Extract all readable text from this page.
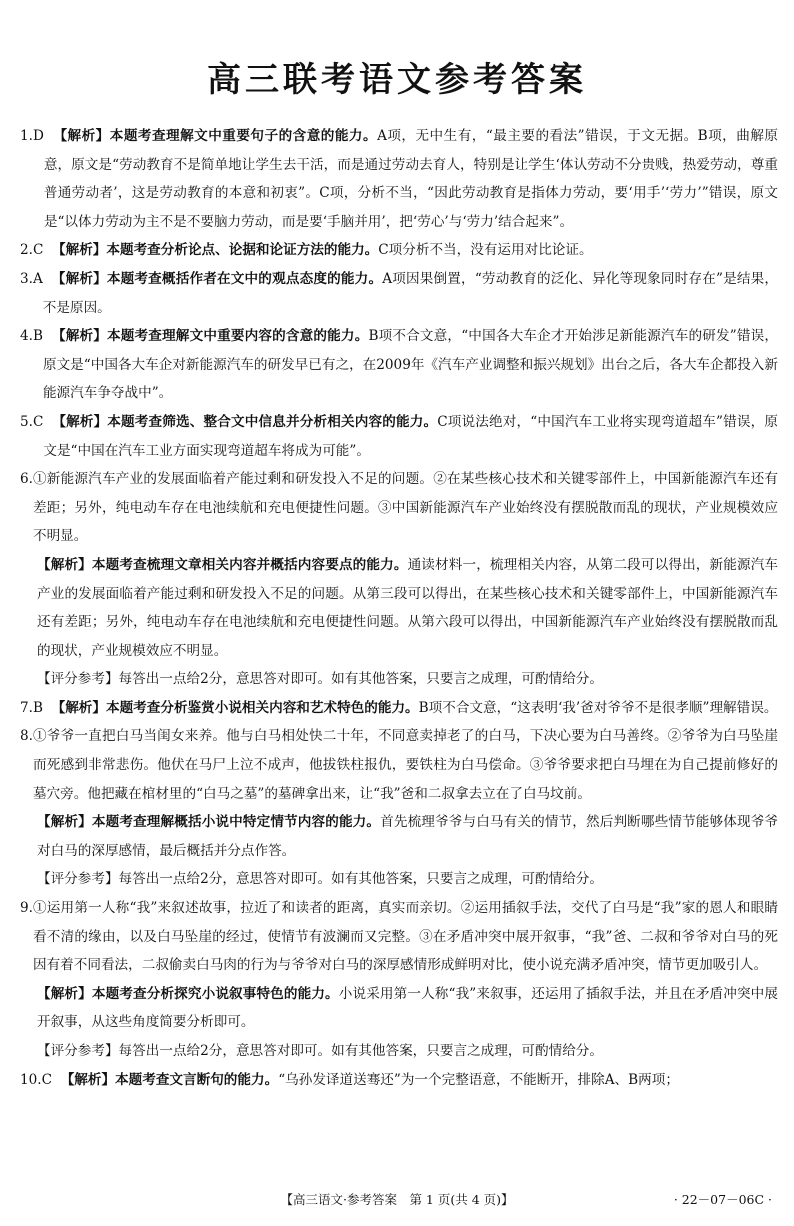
高三联考语文参考答案
1.D 【解析】本题考查理解文中重要句子的含意的能力。A项，无中生有，“最主要的看法”错误，于文无据。B项，曲解原意，原文是“劳动教育不是简单地让学生去干活，而是通过劳动去育人，特别是让学生‘体认劳动不分贵贱，热爱劳动，尊重普通劳动者’，这是劳动教育的本意和初衷”。C项，分析不当，“因此劳动教育是指体力劳动，要‘用手’‘劳力’”错误，原文是“以体力劳动为主不是不要脑力劳动，而是要‘手脑并用’，把‘劳心’与‘劳力’结合起来”。
2.C 【解析】本题考查分析论点、论据和论证方法的能力。C项分析不当，没有运用对比论证。
3.A 【解析】本题考查概括作者在文中的观点态度的能力。A项因果倒置，“劳动教育的泛化、异化等现象同时存在”是结果，不是原因。
4.B 【解析】本题考查理解文中重要内容的含意的能力。B项不合文意，“中国各大车企才开始涉足新能源汽车的研发”错误，原文是“中国各大车企对新能源汽车的研发早已有之，在2009年《汽车产业调整和振兴规划》出台之后，各大车企都投入新能源汽车争夺战中”。
5.C 【解析】本题考查筛选、整合文中信息并分析相关内容的能力。C项说法绝对，“中国汽车工业将实现弯道超车”错误，原文是“中国在汽车工业方面实现弯道超车将成为可能”。
6. ①新能源汽车产业的发展面临着产能过剩和研发投入不足的问题。②在某些核心技术和关键零部件上，中国新能源汽车还有差距；另外，纯电动车存在电池续航和充电便捷性问题。③中国新能源汽车产业始终没有摆脱散而乱的现状，产业规模效应不明显。
【解析】本题考查梳理文章相关内容并概括内容要点的能力。通读材料一，梳理相关内容，从第二段可以得出，新能源汽车产业的发展面临着产能过剩和研发投入不足的问题。从第三段可以得出，在某些核心技术和关键零部件上，中国新能源汽车还有差距；另外，纯电动车存在电池续航和充电便捷性问题。从第六段可以得出，中国新能源汽车产业始终没有摆脱散而乱的现状，产业规模效应不明显。
【评分参考】每答出一点给2分，意思答对即可。如有其他答案，只要言之成理，可酌情给分。
7.B 【解析】本题考查分析鉴赏小说相关内容和艺术特色的能力。B项不合文意，“这表明‘我’爸对爷爷不是很孝顺”理解错误。
8. ①爷爷一直把白马当闺女来养。他与白马相处快二十年，不同意卖掉老了的白马，下决心要为白马善终。②爷爷为白马坠崖而死感到非常悲伤。他伏在马尸上泣不成声，他拔铁柱报仇，要铁柱为白马偿命。③爷爷要求把白马埋在为自己提前修好的墓穴旁。他把藏在棺材里的“白马之墓”的墓碑拿出来，让“我”爸和二叔拿去立在了白马坟前。
【解析】本题考查理解概括小说中特定情节内容的能力。首先梳理爷爷与白马有关的情节，然后判断哪些情节能够体现爷爷对白马的深厚感情，最后概括并分点作答。
【评分参考】每答出一点给2分，意思答对即可。如有其他答案，只要言之成理，可酌情给分。
9. ①运用第一人称“我”来叙述故事，拉近了和读者的距离，真实而亲切。②运用插叙手法，交代了白马是“我”家的恩人和眼睛看不清的缘由，以及白马坠崖的经过，使情节有波澜而又完整。③在矛盾冲突中展开叙事，“我”爸、二叔和爷爷对白马的死因有着不同看法，二叔偷卖白马肉的行为与爷爷对白马的深厚感情形成鲜明对比，使小说充满矛盾冲突，情节更加吸引人。
【解析】本题考查分析探究小说叙事特色的能力。小说采用第一人称“我”来叙事，还运用了插叙手法，并且在矛盾冲突中展开叙事，从这些角度简要分析即可。
【评分参考】每答出一点给2分，意思答对即可。如有其他答案，只要言之成理，可酌情给分。
10.C 【解析】本题考查文言断句的能力。“乌孙发译道送骞还”为一个完整语意，不能断开，排除A、B两项；
【高三语文·参考答案　第 1 页(共 4 页)】	· 22－07－06C ·
